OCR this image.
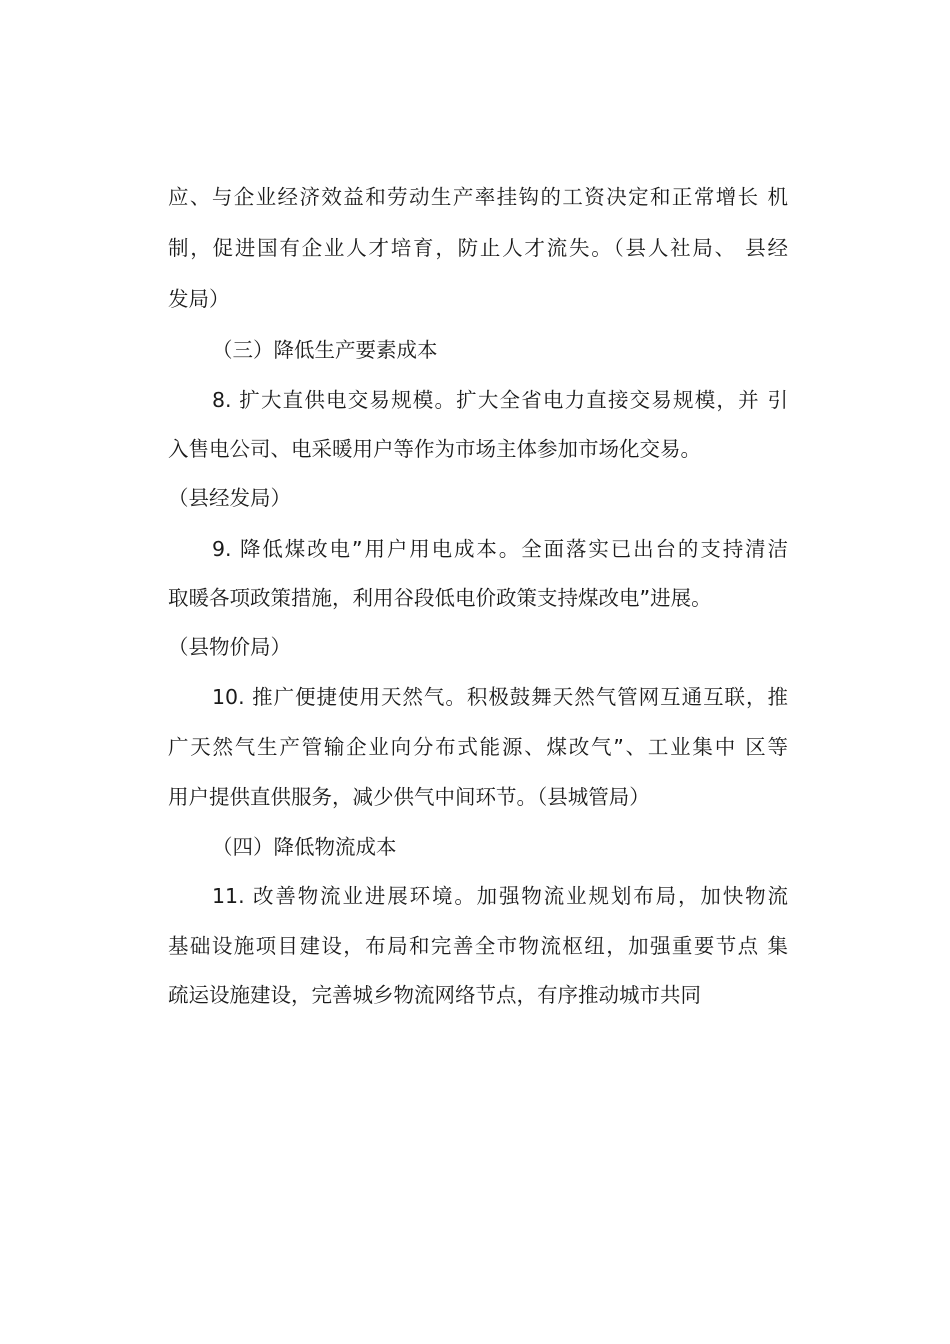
应、与企业经济效益和劳动生产率挂钩的工资决定和正常增长 机
制，促进国有企业人才培育，防止人才流失。（县人社局、 县经
发局）
（三）降低生产要素成本
8. 扩大直供电交易规模。扩大全省电力直接交易规模，并 引
入售电公司、电采暖用户等作为市场主体参加市场化交易。
（县经发局）
9. 降低煤改电”用户用电成本。全面落实已出台的支持清洁
取暖各项政策措施，利用谷段低电价政策支持煤改电”进展。
（县物价局）
10. 推广便捷使用天然气。积极鼓舞天然气管网互通互联，推
广天然气生产管输企业向分布式能源、煤改气”、工业集中 区等
用户提供直供服务，减少供气中间环节。（县城管局）
（四）降低物流成本
11. 改善物流业进展环境。加强物流业规划布局，加快物流
基础设施项目建设，布局和完善全市物流枢纽，加强重要节点 集
疏运设施建设，完善城乡物流网络节点，有序推动城市共同
